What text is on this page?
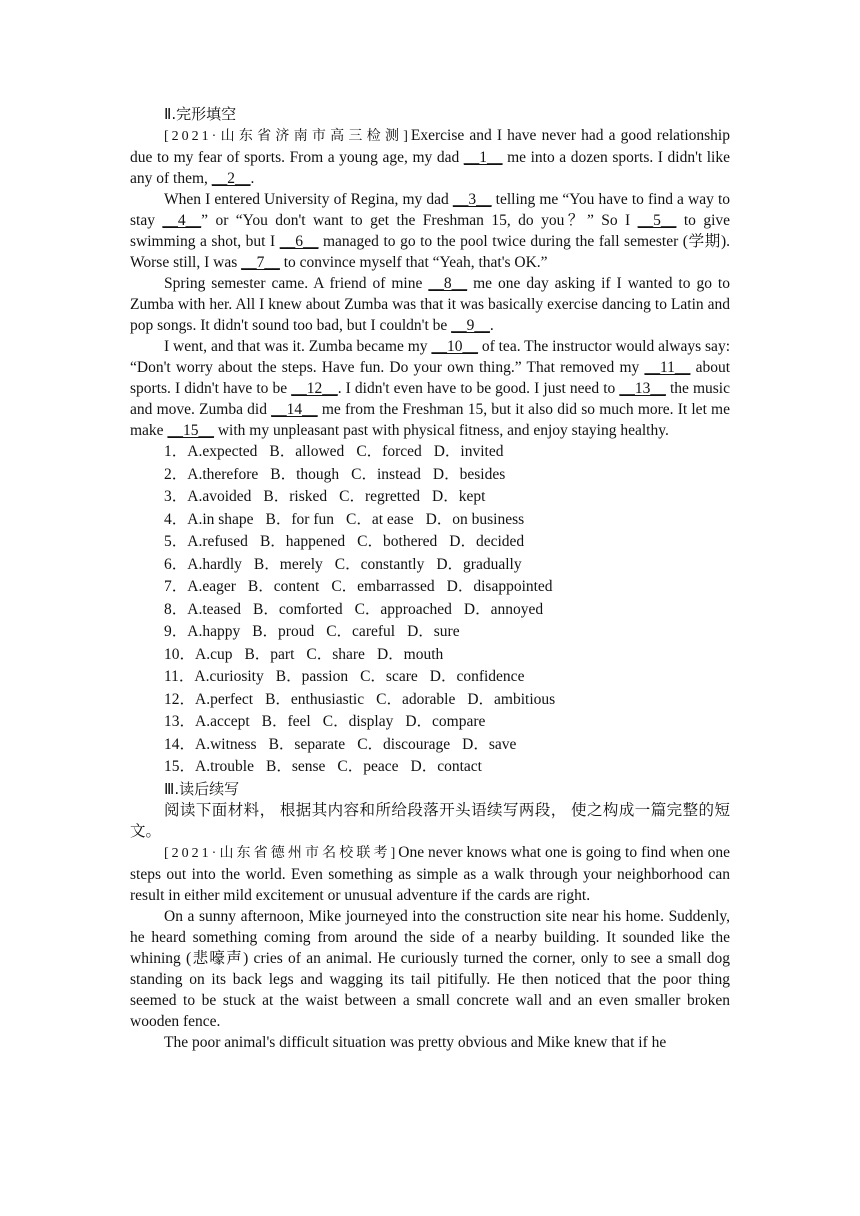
Ⅱ.完形填空

[2021·山东省济南市高三检测]Exercise and I have never had a good relationship due to my fear of sports. From a young age, my dad __1__ me into a dozen sports. I didn't like any of them, __2__.

When I entered University of Regina, my dad __3__ telling me “You have to find a way to stay __4__” or “You don't want to get the Freshman 15, do you？” So I __5__ to give swimming a shot, but I __6__ managed to go to the pool twice during the fall semester (学期). Worse still, I was __7__ to convince myself that “Yeah, that's OK.”

Spring semester came. A friend of mine __8__ me one day asking if I wanted to go to Zumba with her. All I knew about Zumba was that it was basically exercise dancing to Latin and pop songs. It didn't sound too bad, but I couldn't be __9__.

I went, and that was it. Zumba became my __10__ of tea. The instructor would always say: “Don't worry about the steps. Have fun. Do your own thing.” That removed my __11__ about sports. I didn't have to be __12__. I didn't even have to be good. I just need to __13__ the music and move. Zumba did __14__ me from the Freshman 15, but it also did so much more. It let me make __15__ with my unpleasant past with physical fitness, and enjoy staying healthy.

1．A.expected B．allowed C．forced D．invited
2．A.therefore B．though C．instead D．besides
3．A.avoided B．risked C．regretted D．kept
4．A.in shape B．for fun C．at ease D．on business
5．A.refused B．happened C．bothered D．decided
6．A.hardly B．merely C．constantly D．gradually
7．A.eager B．content C．embarrassed D．disappointed
8．A.teased B．comforted C．approached D．annoyed
9．A.happy B．proud C．careful D．sure
10．A.cup B．part C．share D．mouth
11．A.curiosity B．passion C．scare D．confidence
12．A.perfect B．enthusiastic C．adorable D．ambitious
13．A.accept B．feel C．display D．compare
14．A.witness B．separate C．discourage D．save
15．A.trouble B．sense C．peace D．contact
Ⅲ.读后续写

阅读下面材料， 根据其内容和所给段落开头语续写两段， 使之构成一篇完整的短文。

[2021·山东省德州市名校联考]One never knows what one is going to find when one steps out into the world. Even something as simple as a walk through your neighborhood can result in either mild excitement or unusual adventure if the cards are right.

On a sunny afternoon, Mike journeyed into the construction site near his home. Suddenly, he heard something coming from around the side of a nearby building. It sounded like the whining (悲嚎声) cries of an animal. He curiously turned the corner, only to see a small dog standing on its back legs and wagging its tail pitifully. He then noticed that the poor thing seemed to be stuck at the waist between a small concrete wall and an even smaller broken wooden fence.

The poor animal's difficult situation was pretty obvious and Mike knew that if he
